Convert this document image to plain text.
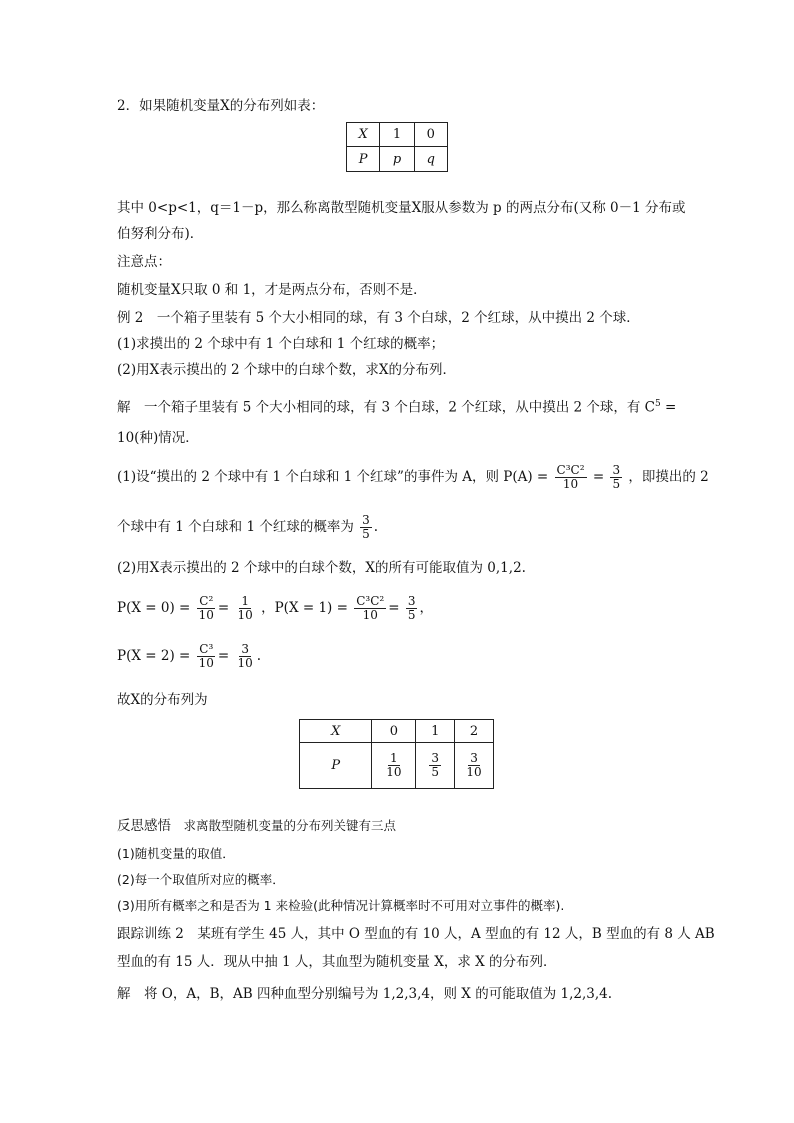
2．如果随机变量X的分布列如表：
X	1	0
P	p	q
其中 0<p<1，q＝1－p，那么称离散型随机变量X服从参数为 p 的两点分布(又称 0－1 分布或
伯努利分布)．
注意点：
随机变量X只取 0 和 1，才是两点分布，否则不是．
例 2　一个箱子里装有 5 个大小相同的球，有 3 个白球，2 个红球，从中摸出 2 个球．
(1)求摸出的 2 个球中有 1 个白球和 1 个红球的概率；
(2)用X表示摸出的 2 个球中的白球个数，求X的分布列．
解　一个箱子里装有 5 个大小相同的球，有 3 个白球，2 个红球，从中摸出 2 个球，有 $C^5$ =
10(种)情况．
(1)设“摸出的 2 个球中有 1 个白球和 1 个红球”的事件为 A，则 $P(A) = \frac{\text{C³C²}}{10} = \frac{3}{5}$ ，即摸出的 2
个球中有 1 个白球和 1 个红球的概率为 $\frac{3}{5}$ .
(2)用X表示摸出的 2 个球中的白球个数，X的所有可能取值为 0,1,2.
$P(X = 0) = \frac{\text{C²}}{10} = \frac{1}{10}$ ，$P(X = 1) = \frac{\text{C³C²}}{10} = \frac{3}{5}$ ，
$P(X = 2) = \frac{\text{C³}}{10} = \frac{3}{10}$ .
故X的分布列为
X	0	1	2
P	$\frac{1}{10}$	$\frac{3}{5}$	$\frac{3}{10}$
反思感悟　求离散型随机变量的分布列关键有三点
(1)随机变量的取值．
(2)每一个取值所对应的概率．
(3)用所有概率之和是否为 1 来检验(此种情况计算概率时不可用对立事件的概率).
跟踪训练 2　某班有学生 45 人，其中 O 型血的有 10 人，A 型血的有 12 人，B 型血的有 8 人 AB
型血的有 15 人．现从中抽 1 人，其血型为随机变量 X，求 X 的分布列．
解　将 O，A，B，AB 四种血型分别编号为 1,2,3,4，则 X 的可能取值为 1,2,3,4.
